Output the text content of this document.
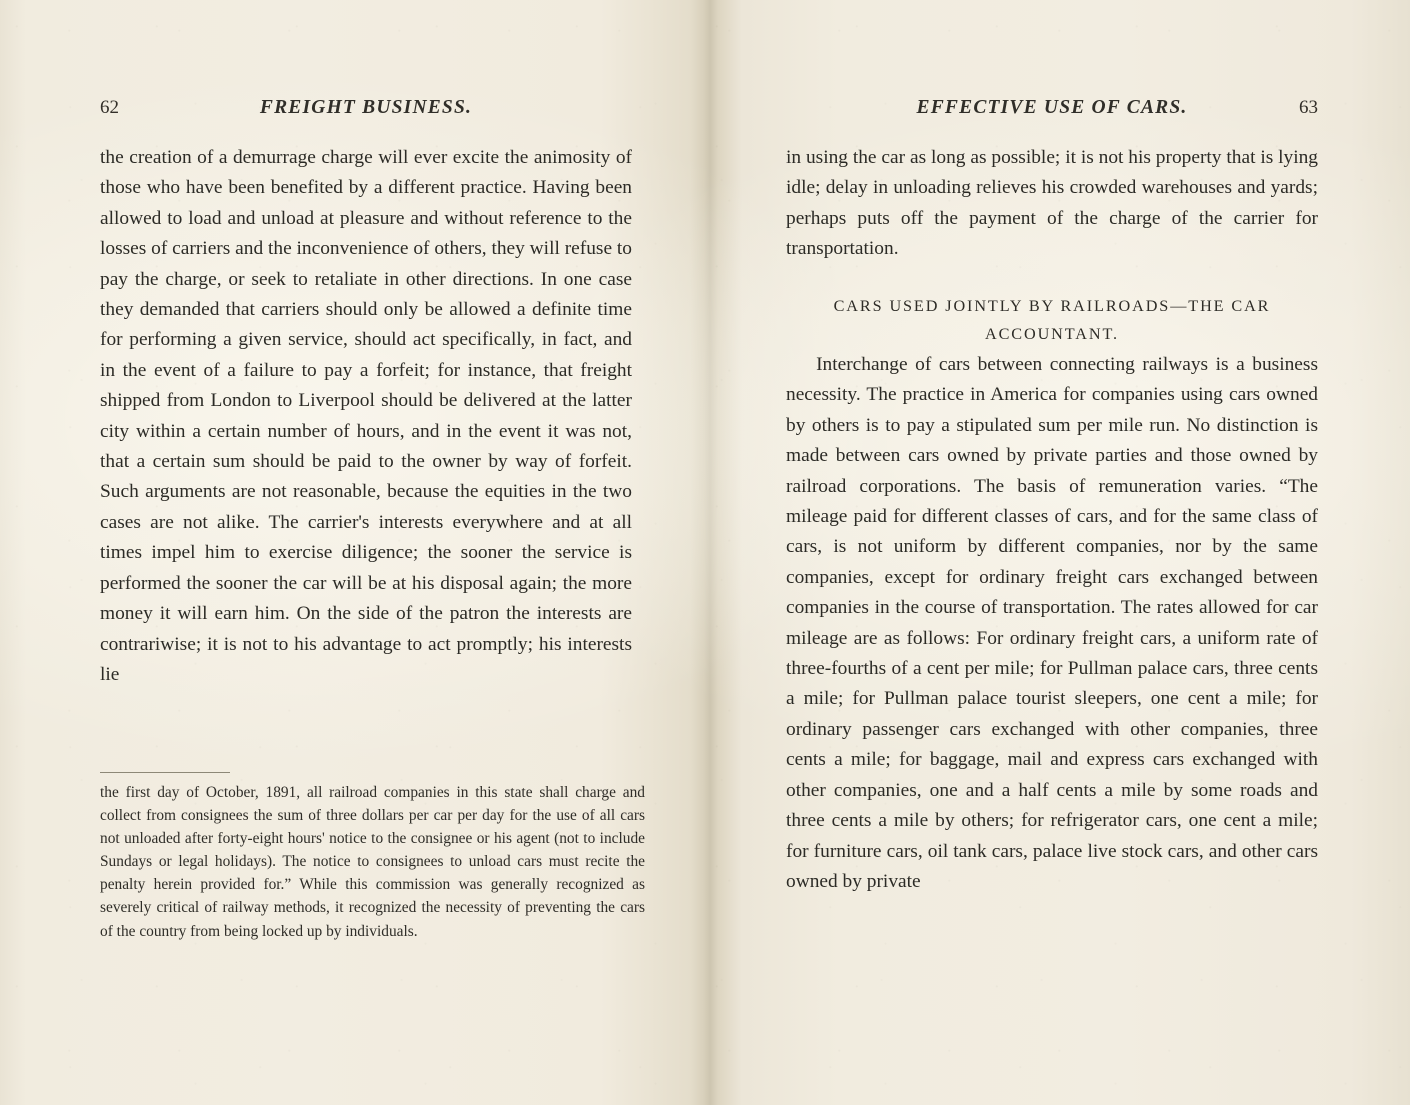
62	FREIGHT BUSINESS.

the creation of a demurrage charge will ever excite the animosity of those who have been benefited by a different practice. Having been allowed to load and unload at pleasure and without reference to the losses of carriers and the inconvenience of others, they will refuse to pay the charge, or seek to retaliate in other directions. In one case they demanded that carriers should only be allowed a definite time for performing a given service, should act specifically, in fact, and in the event of a failure to pay a forfeit; for instance, that freight shipped from London to Liverpool should be delivered at the latter city within a certain number of hours, and in the event it was not, that a certain sum should be paid to the owner by way of forfeit. Such arguments are not reasonable, because the equities in the two cases are not alike. The carrier's interests everywhere and at all times impel him to exercise diligence; the sooner the service is performed the sooner the car will be at his disposal again; the more money it will earn him. On the side of the patron the interests are contrariwise; it is not to his advantage to act promptly; his interests lie

the first day of October, 1891, all railroad companies in this state shall charge and collect from consignees the sum of three dollars per car per day for the use of all cars not unloaded after forty-eight hours' notice to the consignee or his agent (not to include Sundays or legal holidays). The notice to consignees to unload cars must recite the penalty herein provided for.” While this commission was generally recognized as severely critical of railway methods, it recognized the necessity of preventing the cars of the country from being locked up by individuals.

EFFECTIVE USE OF CARS.	63

in using the car as long as possible; it is not his property that is lying idle; delay in unloading relieves his crowded warehouses and yards; perhaps puts off the payment of the charge of the carrier for transportation.

CARS USED JOINTLY BY RAILROADS—THE CAR
ACCOUNTANT.

Interchange of cars between connecting railways is a business necessity. The practice in America for companies using cars owned by others is to pay a stipulated sum per mile run. No distinction is made between cars owned by private parties and those owned by railroad corporations. The basis of remuneration varies. “The mileage paid for different classes of cars, and for the same class of cars, is not uniform by different companies, nor by the same companies, except for ordinary freight cars exchanged between companies in the course of transportation. The rates allowed for car mileage are as follows: For ordinary freight cars, a uniform rate of three-fourths of a cent per mile; for Pullman palace cars, three cents a mile; for Pullman palace tourist sleepers, one cent a mile; for ordinary passenger cars exchanged with other companies, three cents a mile; for baggage, mail and express cars exchanged with other companies, one and a half cents a mile by some roads and three cents a mile by others; for refrigerator cars, one cent a mile; for furniture cars, oil tank cars, palace live stock cars, and other cars owned by private
